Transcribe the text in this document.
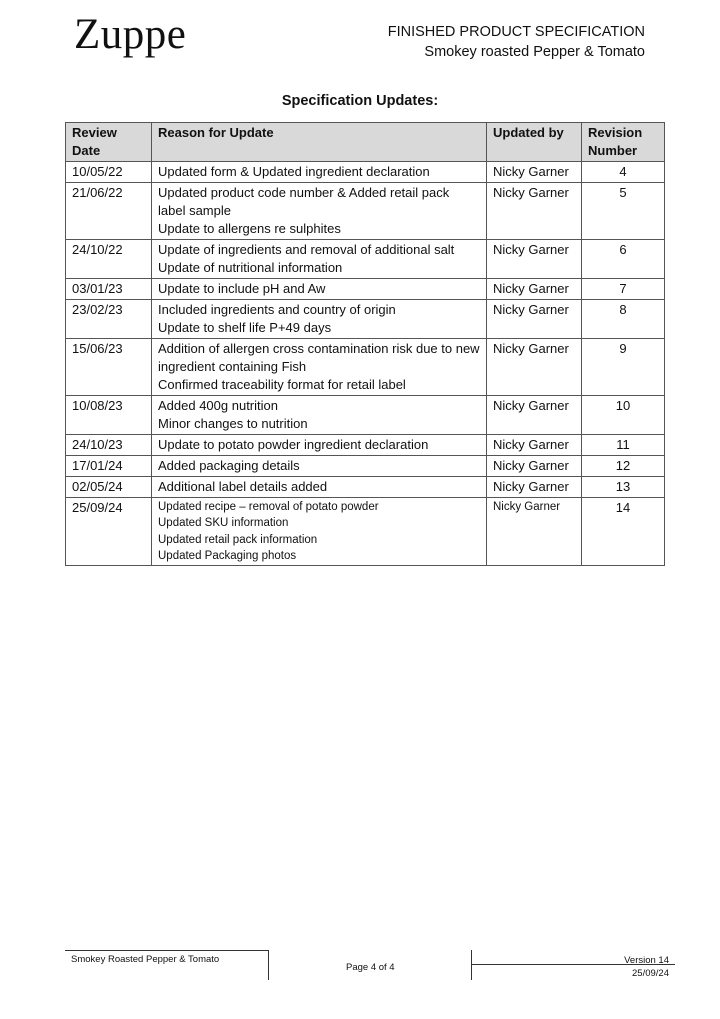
Zuppe	FINISHED PRODUCT SPECIFICATION
Smokey roasted Pepper & Tomato
Specification Updates:
Review Date	Reason for Update	Updated by	Revision Number
10/05/22	Updated form & Updated ingredient declaration	Nicky Garner	4
21/06/22	Updated product code number & Added retail pack label sample
Update to allergens re sulphites	Nicky Garner	5
24/10/22	Update of ingredients and removal of additional salt
Update of nutritional information	Nicky Garner	6
03/01/23	Update to include pH and Aw	Nicky Garner	7
23/02/23	Included ingredients and country of origin
Update to shelf life P+49 days	Nicky Garner	8
15/06/23	Addition of allergen cross contamination risk due to new ingredient containing Fish
Confirmed traceability format for retail label	Nicky Garner	9
10/08/23	Added 400g nutrition
Minor changes to nutrition	Nicky Garner	10
24/10/23	Update to potato powder ingredient declaration	Nicky Garner	11
17/01/24	Added packaging details	Nicky Garner	12
02/05/24	Additional label details added	Nicky Garner	13
25/09/24	Updated recipe – removal of potato powder
Updated SKU information
Updated retail pack information
Updated Packaging photos	Nicky Garner	14
Smokey Roasted Pepper & Tomato
Page 4 of 4
Version 14
25/09/24
